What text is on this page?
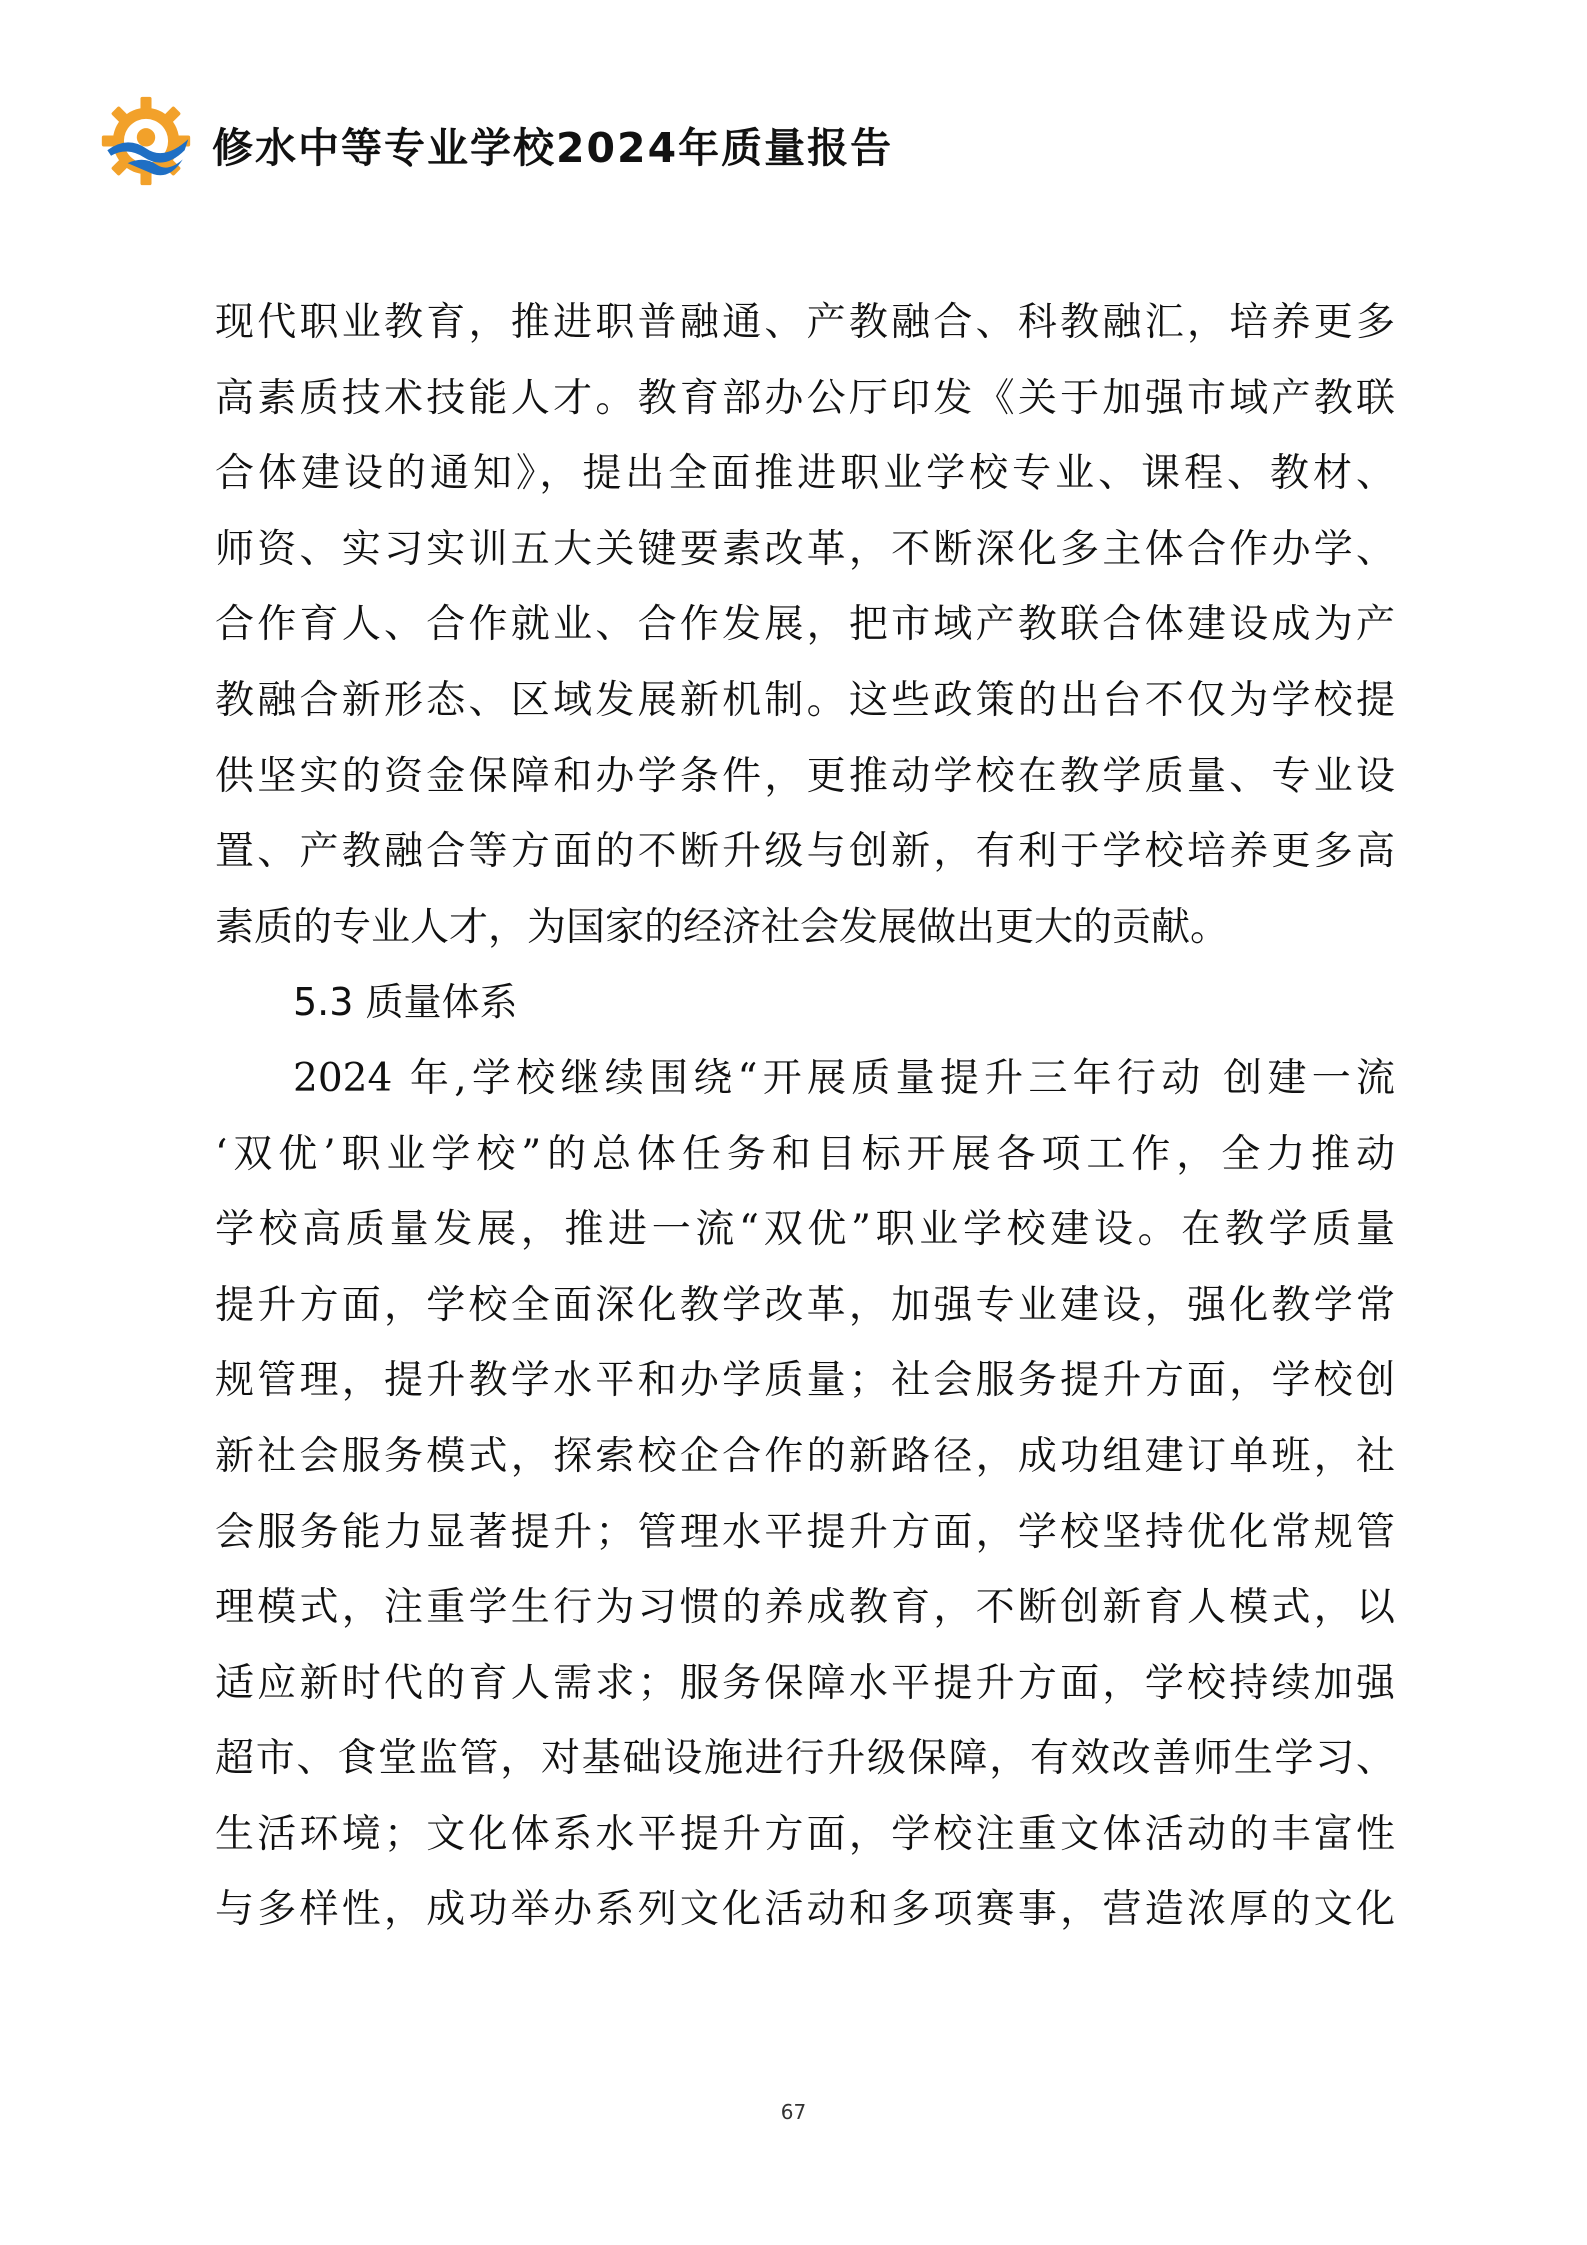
修水中等专业学校2024年质量报告
现代职业教育，推进职普融通、产教融合、科教融汇，培养更多
高素质技术技能人才。教育部办公厅印发《关于加强市域产教联
合体建设的通知》，提出全面推进职业学校专业、课程、教材、
师资、实习实训五大关键要素改革，不断深化多主体合作办学、
合作育人、合作就业、合作发展，把市域产教联合体建设成为产
教融合新形态、区域发展新机制。这些政策的出台不仅为学校提
供坚实的资金保障和办学条件，更推动学校在教学质量、专业设
置、产教融合等方面的不断升级与创新，有利于学校培养更多高
素质的专业人才，为国家的经济社会发展做出更大的贡献。
5.3 质量体系
2024 年,学校继续围绕“开展质量提升三年行动 创建一流
‘双优’职业学校”的总体任务和目标开展各项工作，全力推动
学校高质量发展，推进一流“双优”职业学校建设。在教学质量
提升方面，学校全面深化教学改革，加强专业建设，强化教学常
规管理，提升教学水平和办学质量；社会服务提升方面，学校创
新社会服务模式，探索校企合作的新路径，成功组建订单班，社
会服务能力显著提升；管理水平提升方面，学校坚持优化常规管
理模式，注重学生行为习惯的养成教育，不断创新育人模式，以
适应新时代的育人需求；服务保障水平提升方面，学校持续加强
超市、食堂监管，对基础设施进行升级保障，有效改善师生学习、
生活环境；文化体系水平提升方面，学校注重文体活动的丰富性
与多样性，成功举办系列文化活动和多项赛事，营造浓厚的文化
67
